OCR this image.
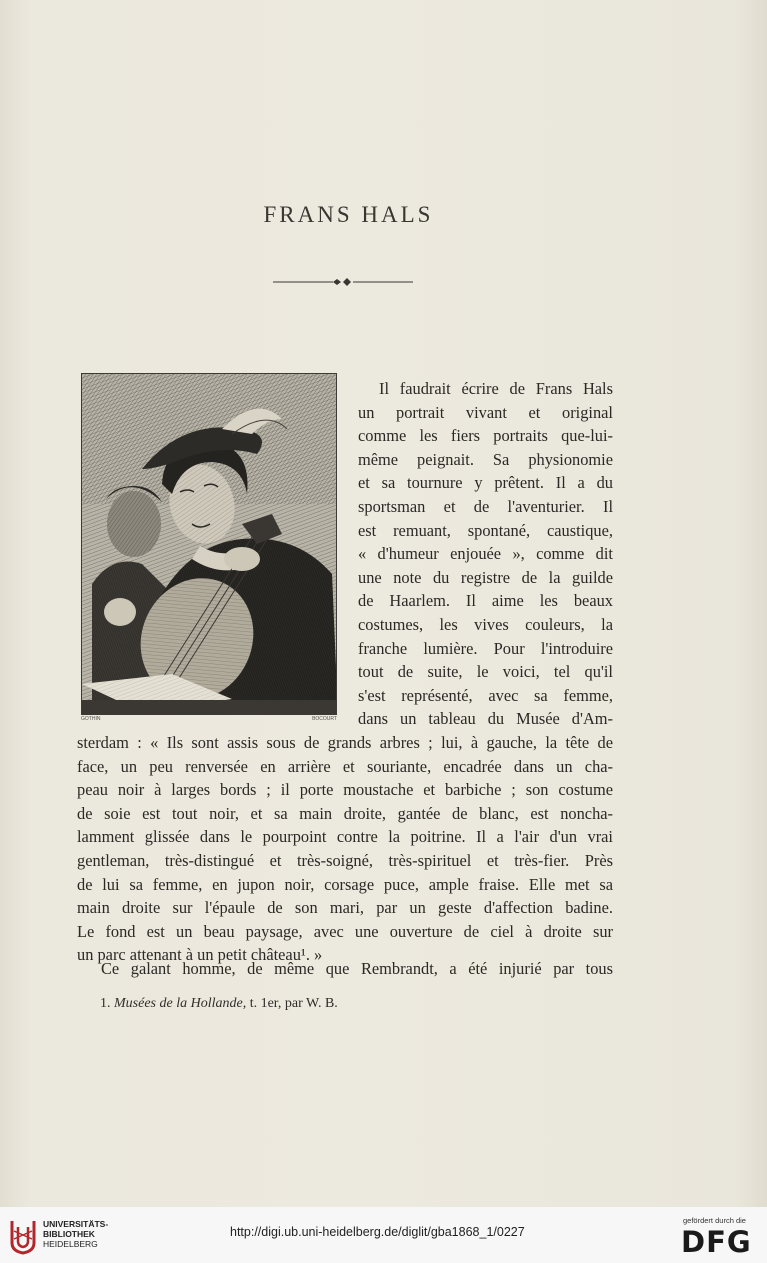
FRANS HALS
GOTHIN	BOCOURT
Il faudrait écrire de Frans Hals
un portrait vivant et original
comme les fiers portraits que-lui-
même peignait. Sa physionomie
et sa tournure y prêtent. Il a du
sportsman et de l'aventurier. Il
est remuant, spontané, caustique,
« d'humeur enjouée », comme dit
une note du registre de la guilde
de Haarlem. Il aime les beaux
costumes, les vives couleurs, la
franche lumière. Pour l'introduire
tout de suite, le voici, tel qu'il
s'est représenté, avec sa femme,
dans un tableau du Musée d'Am-
sterdam : « Ils sont assis sous de grands arbres ; lui, à gauche, la tête de
face, un peu renversée en arrière et souriante, encadrée dans un cha-
peau noir à larges bords ; il porte moustache et barbiche ; son costume
de soie est tout noir, et sa main droite, gantée de blanc, est noncha-
lamment glissée dans le pourpoint contre la poitrine. Il a l'air d'un vrai
gentleman, très-distingué et très-soigné, très-spirituel et très-fier. Près
de lui sa femme, en jupon noir, corsage puce, ample fraise. Elle met sa
main droite sur l'épaule de son mari, par un geste d'affection badine.
Le fond est un beau paysage, avec une ouverture de ciel à droite sur
un parc attenant à un petit château¹. »
Ce galant homme, de même que Rembrandt, a été injurié par tous
1. Musées de la Hollande, t. 1er, par W. B.
UNIVERSITÄTS-
BIBLIOTHEK
HEIDELBERG
http://digi.ub.uni-heidelberg.de/diglit/gba1868_1/0227
gefördert durch die
DFG
